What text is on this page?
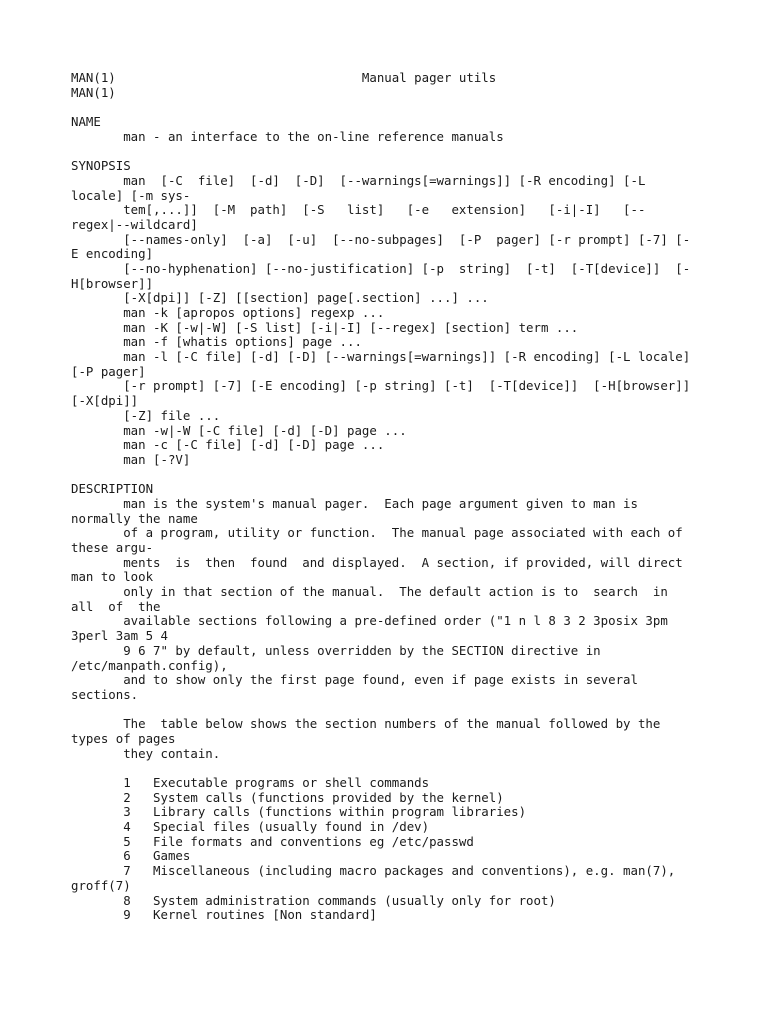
MAN(1)                                 Manual pager utils
MAN(1)
NAME
man - an interface to the on-line reference manuals
SYNOPSIS
man  [-C  file]  [-d]  [-D]  [--warnings[=warnings]] [-R encoding] [-L
locale] [-m sys-
tem[,...]]  [-M  path]  [-S   list]   [-e   extension]   [-i|-I]   [--
regex|--wildcard]
[--names-only]  [-a]  [-u]  [--no-subpages]  [-P  pager] [-r prompt] [-7] [-
E encoding]
[--no-hyphenation] [--no-justification] [-p  string]  [-t]  [-T[device]]  [-
H[browser]]
[-X[dpi]] [-Z] [[section] page[.section] ...] ...
man -k [apropos options] regexp ...
man -K [-w|-W] [-S list] [-i|-I] [--regex] [section] term ...
man -f [whatis options] page ...
man -l [-C file] [-d] [-D] [--warnings[=warnings]] [-R encoding] [-L locale]
[-P pager]
[-r prompt] [-7] [-E encoding] [-p string] [-t]  [-T[device]]  [-H[browser]]
[-X[dpi]]
[-Z] file ...
man -w|-W [-C file] [-d] [-D] page ...
man -c [-C file] [-d] [-D] page ...
man [-?V]
DESCRIPTION
man is the system's manual pager.  Each page argument given to man is
normally the name
of a program, utility or function.  The manual page associated with each of
these argu-
ments  is  then  found  and displayed.  A section, if provided, will direct
man to look
only in that section of the manual.  The default action is to  search  in
all  of  the
available sections following a pre-defined order ("1 n l 8 3 2 3posix 3pm
3perl 3am 5 4
9 6 7" by default, unless overridden by the SECTION directive in
/etc/manpath.config),
and to show only the first page found, even if page exists in several
sections.
The  table below shows the section numbers of the manual followed by the
types of pages
they contain.
1   Executable programs or shell commands
2   System calls (functions provided by the kernel)
3   Library calls (functions within program libraries)
4   Special files (usually found in /dev)
5   File formats and conventions eg /etc/passwd
6   Games
7   Miscellaneous (including macro packages and conventions), e.g. man(7),
groff(7)
8   System administration commands (usually only for root)
9   Kernel routines [Non standard]
